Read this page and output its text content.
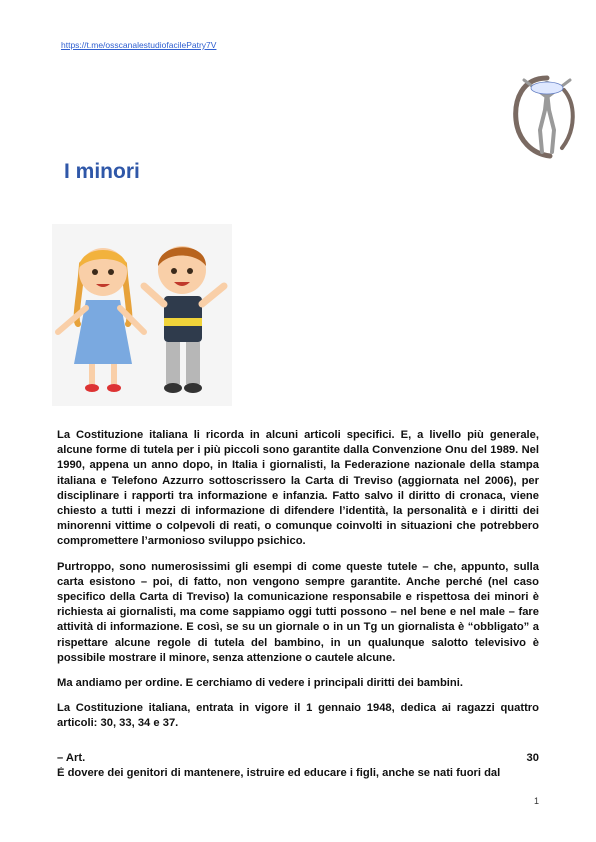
https://t.me/osscanalestudiofacilePatry7V
I minori

La Costituzione italiana li ricorda in alcuni articoli specifici. E, a livello più generale, alcune forme di tutela per i più piccoli sono garantite dalla Convenzione Onu del 1989. Nel 1990, appena un anno dopo, in Italia i giornalisti, la Federazione nazionale della stampa italiana e Telefono Azzurro sottoscrissero la Carta di Treviso (aggiornata nel 2006), per disciplinare i rapporti tra informazione e infanzia. Fatto salvo il diritto di cronaca, viene chiesto a tutti i mezzi di informazione di difendere l’identità, la personalità e i diritti dei minorenni vittime o colpevoli di reati, o comunque coinvolti in situazioni che potrebbero compromettere l’armonioso sviluppo psichico.

Purtroppo, sono numerosissimi gli esempi di come queste tutele – che, appunto, sulla carta esistono – poi, di fatto, non vengono sempre garantite. Anche perché (nel caso specifico della Carta di Treviso) la comunicazione responsabile e rispettosa dei minori è richiesta ai giornalisti, ma come sappiamo oggi tutti possono – nel bene e nel male – fare attività di informazione. E così, se su un giornale o in un Tg un giornalista è “obbligato” a rispettare alcune regole di tutela del bambino, in un qualunque salotto televisivo è possibile mostrare il minore, senza attenzione o cautele alcune.

Ma andiamo per ordine. E cerchiamo di vedere i principali diritti dei bambini.

La Costituzione italiana, entrata in vigore il 1 gennaio 1948, dedica ai ragazzi quattro articoli: 30, 33, 34 e 37.

– Art.	30
È dovere dei genitori di mantenere, istruire ed educare i figli, anche se nati fuori dal
1
